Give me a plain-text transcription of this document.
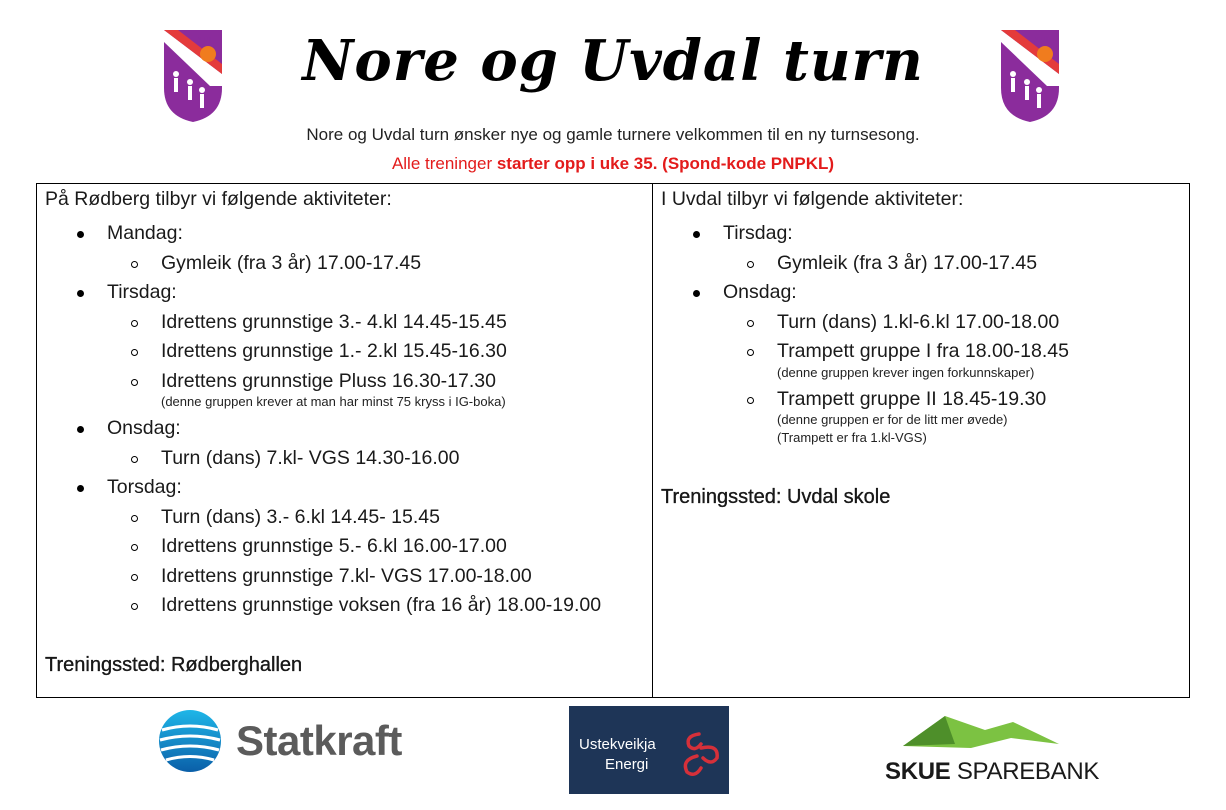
NUIL	NUIL
Nore og Uvdal turn
Nore og Uvdal turn ønsker nye og gamle turnere velkommen til en ny turnsesong.
Alle treninger starter opp i uke 35. (Spond-kode PNPKL)
På Rødberg tilbyr vi følgende aktiviteter:
Mandag:
Gymleik (fra 3 år) 17.00-17.45
Tirsdag:
Idrettens grunnstige 3.- 4.kl 14.45-15.45
Idrettens grunnstige 1.- 2.kl 15.45-16.30
Idrettens grunnstige Pluss 16.30-17.30
(denne gruppen krever at man har minst 75 kryss i IG-boka)
Onsdag:
Turn (dans) 7.kl- VGS 14.30-16.00
Torsdag:
Turn (dans) 3.- 6.kl 14.45- 15.45
Idrettens grunnstige 5.- 6.kl 16.00-17.00
Idrettens grunnstige 7.kl- VGS 17.00-18.00
Idrettens grunnstige voksen (fra 16 år) 18.00-19.00
Treningssted: Rødberghallen
I Uvdal tilbyr vi følgende aktiviteter:
Tirsdag:
Gymleik (fra 3 år) 17.00-17.45
Onsdag:
Turn (dans) 1.kl-6.kl 17.00-18.00
Trampett gruppe I fra 18.00-18.45
(denne gruppen krever ingen forkunnskaper)
Trampett gruppe II 18.45-19.30
(denne gruppen er for de litt mer øvede)
(Trampett er fra 1.kl-VGS)
Treningssted: Uvdal skole
Statkraft	Ustekveikja
Energi	SKUE SPAREBANK
